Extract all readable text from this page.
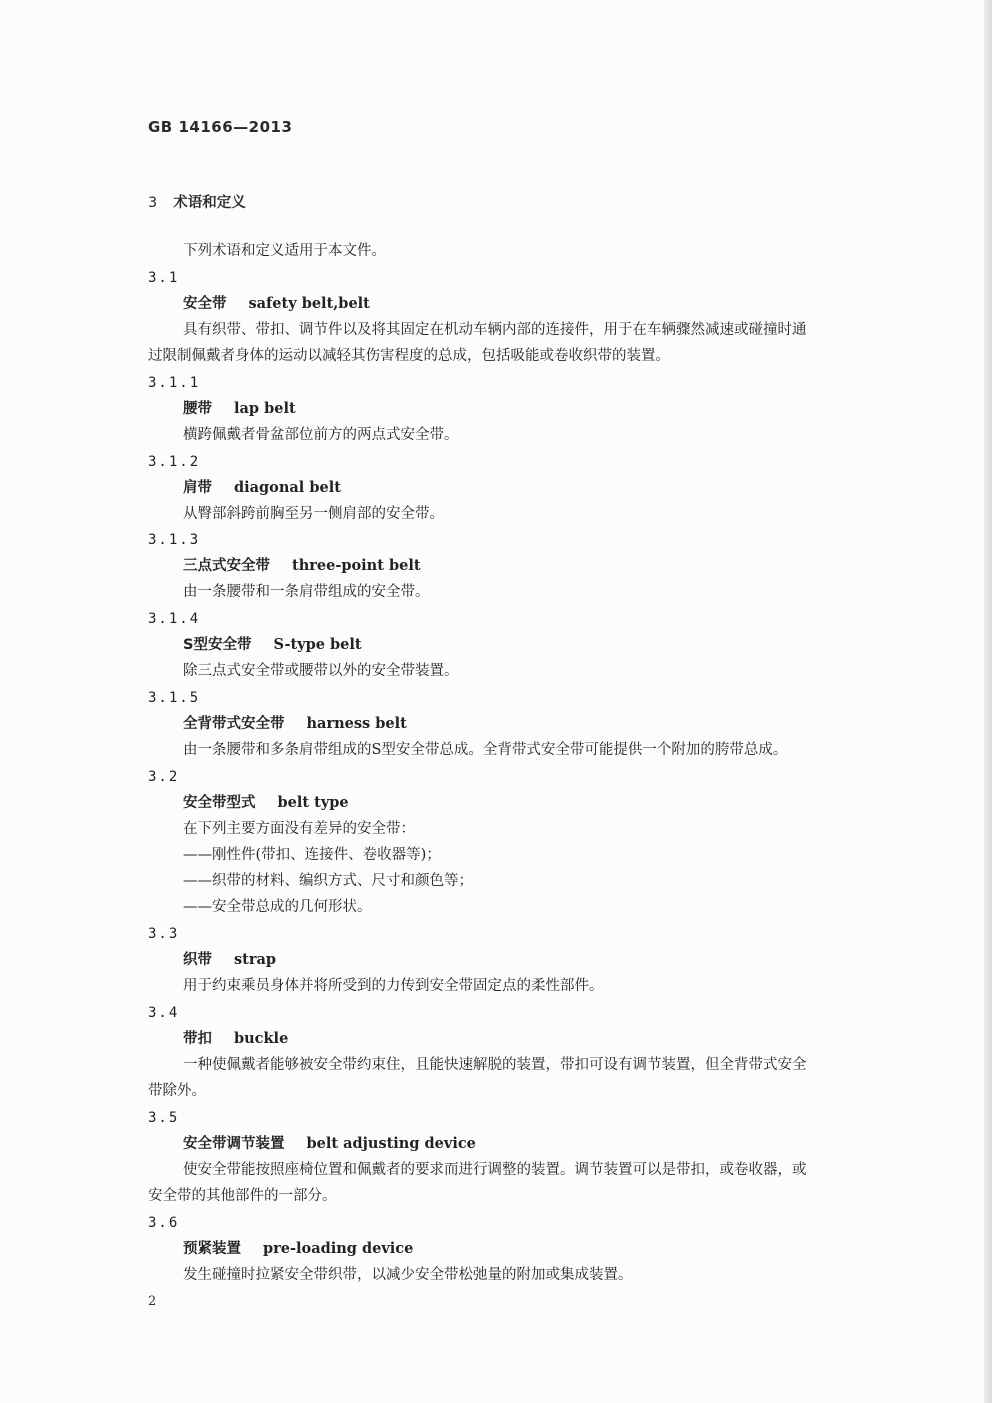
GB 14166—2013
3 术语和定义
下列术语和定义适用于本文件。
3.1
安全带 safety belt,belt
具有织带、带扣、调节件以及将其固定在机动车辆内部的连接件，用于在车辆骤然减速或碰撞时通
过限制佩戴者身体的运动以减轻其伤害程度的总成，包括吸能或卷收织带的装置。
3.1.1
腰带 lap belt
横跨佩戴者骨盆部位前方的两点式安全带。
3.1.2
肩带 diagonal belt
从臀部斜跨前胸至另一侧肩部的安全带。
3.1.3
三点式安全带 three-point belt
由一条腰带和一条肩带组成的安全带。
3.1.4
S型安全带 S-type belt
除三点式安全带或腰带以外的安全带装置。
3.1.5
全背带式安全带 harness belt
由一条腰带和多条肩带组成的S型安全带总成。全背带式安全带可能提供一个附加的胯带总成。
3.2
安全带型式 belt type
在下列主要方面没有差异的安全带：
——刚性件(带扣、连接件、卷收器等)；
——织带的材料、编织方式、尺寸和颜色等；
——安全带总成的几何形状。
3.3
织带 strap
用于约束乘员身体并将所受到的力传到安全带固定点的柔性部件。
3.4
带扣 buckle
一种使佩戴者能够被安全带约束住，且能快速解脱的装置，带扣可设有调节装置，但全背带式安全
带除外。
3.5
安全带调节装置 belt adjusting device
使安全带能按照座椅位置和佩戴者的要求而进行调整的装置。调节装置可以是带扣，或卷收器，或
安全带的其他部件的一部分。
3.6
预紧装置 pre-loading device
发生碰撞时拉紧安全带织带，以减少安全带松弛量的附加或集成装置。
2
